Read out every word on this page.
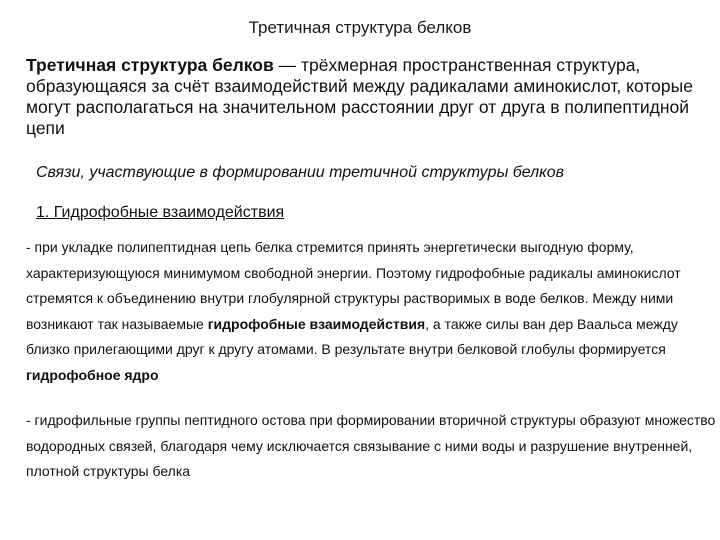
Третичная структура белков

Третичная структура белков — трёхмерная пространственная структура, образующаяся за счёт взаимодействий между радикалами аминокислот, которые могут располагаться на значительном расстоянии друг от друга в полипептидной цепи

Связи, участвующие в формировании третичной структуры белков

1. Гидрофобные взаимодействия

- при укладке полипептидная цепь белка стремится принять энергетически выгодную форму, характеризующуюся минимумом свободной энергии. Поэтому гидрофобные радикалы аминокислот стремятся к объединению внутри глобулярной структуры растворимых в воде белков. Между ними возникают так называемые гидрофобные взаимодействия, а также силы ван дер Ваальса между близко прилегающими друг к другу атомами. В результате внутри белковой глобулы формируется гидрофобное ядро

- гидрофильные группы пептидного остова при формировании вторичной структуры образуют множество водородных связей, благодаря чему исключается связывание с ними воды и разрушение внутренней, плотной структуры белка
